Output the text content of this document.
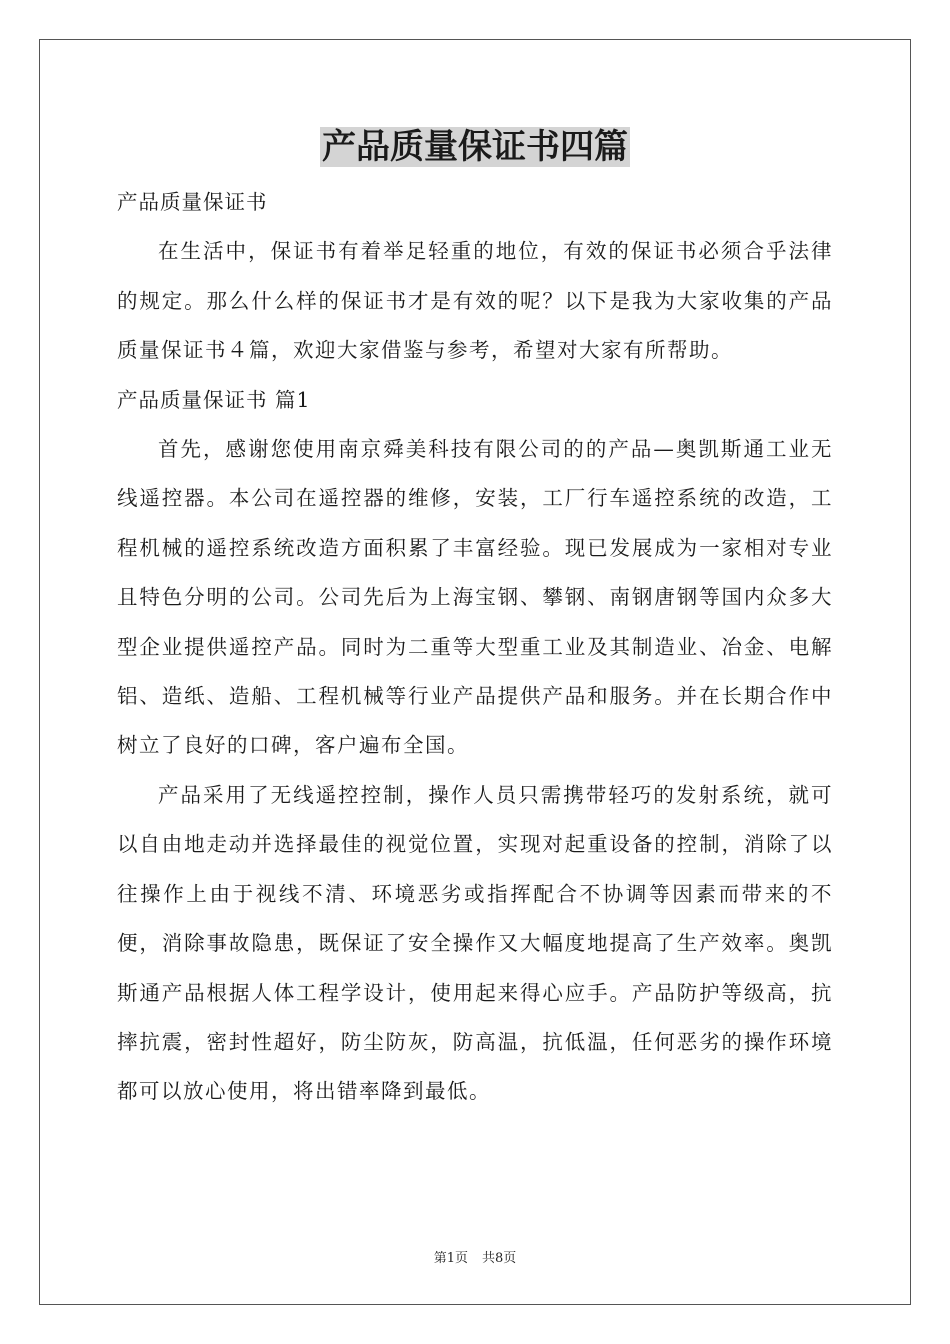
产品质量保证书四篇

产品质量保证书

在生活中，保证书有着举足轻重的地位，有效的保证书必须合乎法律的规定。那么什么样的保证书才是有效的呢？以下是我为大家收集的产品质量保证书４篇，欢迎大家借鉴与参考，希望对大家有所帮助。

产品质量保证书 篇1

首先，感谢您使用南京舜美科技有限公司的的产品—奥凯斯通工业无线遥控器。本公司在遥控器的维修，安装，工厂行车遥控系统的改造，工程机械的遥控系统改造方面积累了丰富经验。现已发展成为一家相对专业且特色分明的公司。公司先后为上海宝钢、攀钢、南钢唐钢等国内众多大型企业提供遥控产品。同时为二重等大型重工业及其制造业、冶金、电解铝、造纸、造船、工程机械等行业产品提供产品和服务。并在长期合作中树立了良好的口碑，客户遍布全国。

产品采用了无线遥控控制，操作人员只需携带轻巧的发射系统，就可以自由地走动并选择最佳的视觉位置，实现对起重设备的控制，消除了以往操作上由于视线不清、环境恶劣或指挥配合不协调等因素而带来的不便，消除事故隐患，既保证了安全操作又大幅度地提高了生产效率。奥凯斯通产品根据人体工程学设计，使用起来得心应手。产品防护等级高，抗摔抗震，密封性超好，防尘防灰，防高温，抗低温，任何恶劣的操作环境都可以放心使用，将出错率降到最低。

第1页 共8页
